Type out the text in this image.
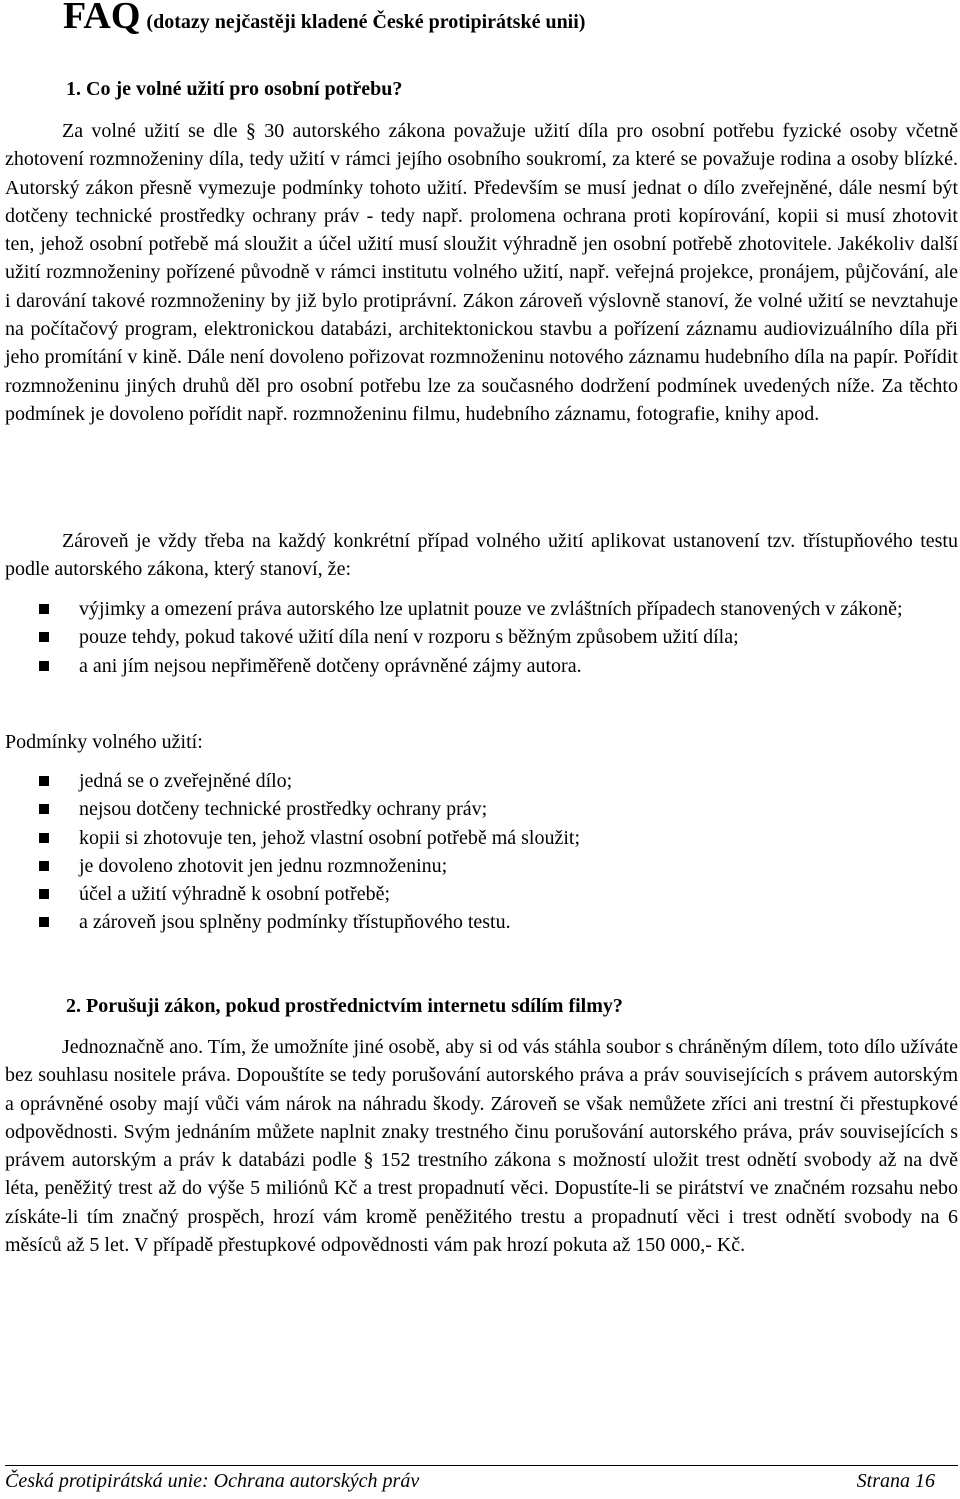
FAQ (dotazy nejčastěji kladené České protipirátské unii)
1. Co je volné užití pro osobní potřebu?

Za volné užití se dle § 30 autorského zákona považuje užití díla pro osobní potřebu fyzické osoby včetně zhotovení rozmnoženiny díla, tedy užití v rámci jejího osobního soukromí, za které se považuje rodina a osoby blízké. Autorský zákon přesně vymezuje podmínky tohoto užití. Především se musí jednat o dílo zveřejněné, dále nesmí být dotčeny technické prostředky ochrany práv - tedy např. prolomena ochrana proti kopírování, kopii si musí zhotovit ten, jehož osobní potřebě má sloužit a účel užití musí sloužit výhradně jen osobní potřebě zhotovitele. Jakékoliv další užití rozmnoženiny pořízené původně v rámci institutu volného užití, např. veřejná projekce, pronájem, půjčování, ale i darování takové rozmnoženiny by již bylo protiprávní. Zákon zároveň výslovně stanoví, že volné užití se nevztahuje na počítačový program, elektronickou databázi, architektonickou stavbu a pořízení záznamu audiovizuálního díla při jeho promítání v kině. Dále není dovoleno pořizovat rozmnoženinu notového záznamu hudebního díla na papír. Pořídit rozmnoženinu jiných druhů děl pro osobní potřebu lze za současného dodržení podmínek uvedených níže. Za těchto podmínek je dovoleno pořídit např. rozmnoženinu filmu, hudebního záznamu, fotografie, knihy apod.

Zároveň je vždy třeba na každý konkrétní případ volného užití aplikovat ustanovení tzv. třístupňového testu podle autorského zákona, který stanoví, že:

výjimky a omezení práva autorského lze uplatnit pouze ve zvláštních případech stanovených v zákoně;
pouze tehdy, pokud takové užití díla není v rozporu s běžným způsobem užití díla;
a ani jím nejsou nepřiměřeně dotčeny oprávněné zájmy autora.

Podmínky volného užití:

jedná se o zveřejněné dílo;
nejsou dotčeny technické prostředky ochrany práv;
kopii si zhotovuje ten, jehož vlastní osobní potřebě má sloužit;
je dovoleno zhotovit jen jednu rozmnoženinu;
účel a užití výhradně k osobní potřebě;
a zároveň jsou splněny podmínky třístupňového testu.
2. Porušuji zákon, pokud prostřednictvím internetu sdílím filmy?

Jednoznačně ano. Tím, že umožníte jiné osobě, aby si od vás stáhla soubor s chráněným dílem, toto dílo užíváte bez souhlasu nositele práva. Dopouštíte se tedy porušování autorského práva a práv souvisejících s právem autorským a oprávněné osoby mají vůči vám nárok na náhradu škody. Zároveň se však nemůžete zříci ani trestní či přestupkové odpovědnosti. Svým jednáním můžete naplnit znaky trestného činu porušování autorského práva, práv souvisejících s právem autorským a práv k databázi podle § 152 trestního zákona s možností uložit trest odnětí svobody až na dvě léta, peněžitý trest až do výše 5 miliónů Kč a trest propadnutí věci. Dopustíte-li se pirátství ve značném rozsahu nebo získáte-li tím značný prospěch, hrozí vám kromě peněžitého trestu a propadnutí věci i trest odnětí svobody na 6 měsíců až 5 let. V případě přestupkové odpovědnosti vám pak hrozí pokuta až 150 000,- Kč.

Česká protipirátská unie: Ochrana autorských práv	Strana 16
